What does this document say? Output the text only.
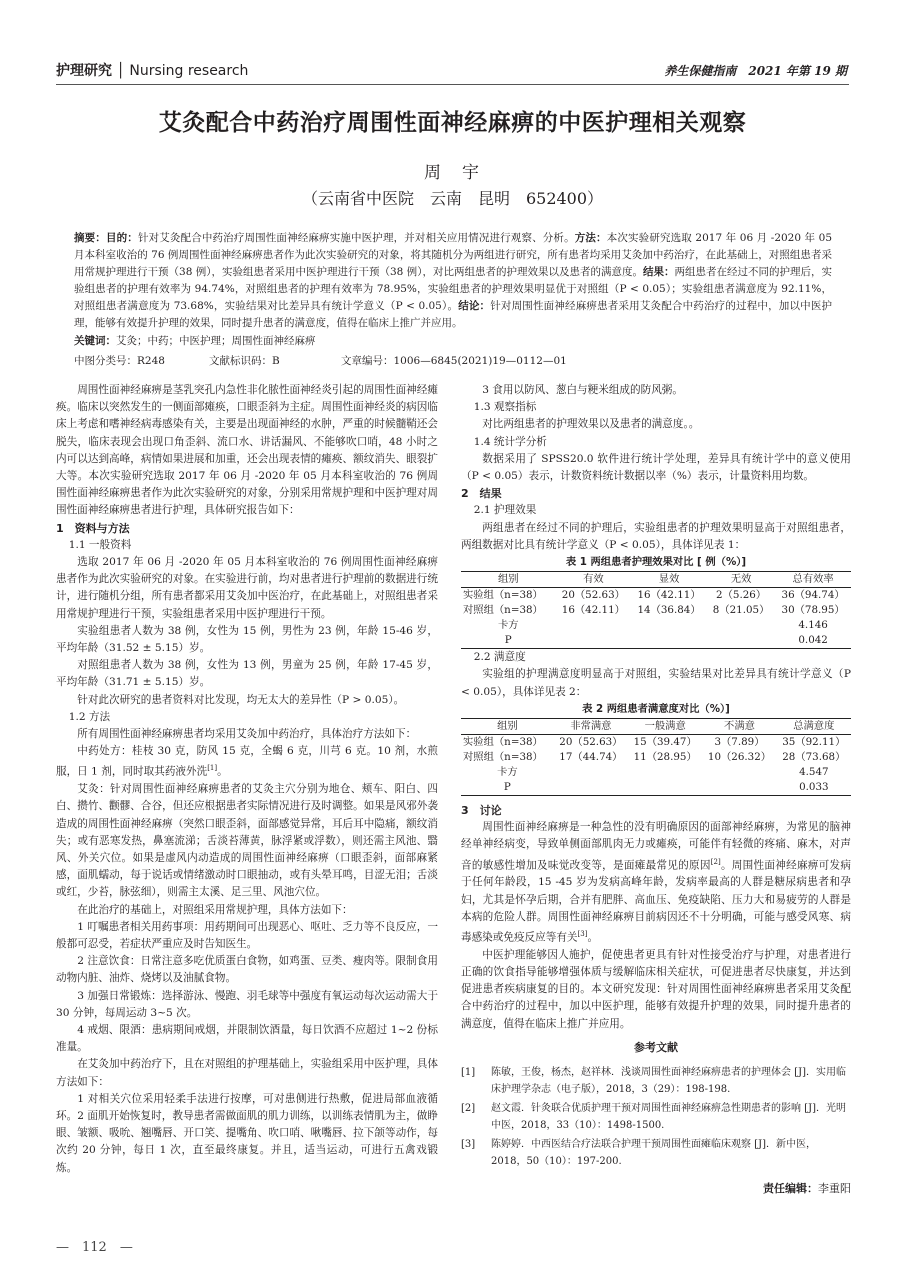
护理研究 │ Nursing research	养生保健指南　2021 年第 19 期
艾灸配合中药治疗周围性面神经麻痹的中医护理相关观察
周　宇
（云南省中医院　云南　昆明　652400）
摘要：目的：针对艾灸配合中药治疗周围性面神经麻痹实施中医护理，并对相关应用情况进行观察、分析。方法：本次实验研究选取 2017 年 06 月 -2020 年 05 月本科室收治的 76 例周围性面神经麻痹患者作为此次实验研究的对象，将其随机分为两组进行研究，所有患者均采用艾灸加中药治疗，在此基础上，对照组患者采用常规护理进行干预（38 例），实验组患者采用中医护理进行干预（38 例），对比两组患者的护理效果以及患者的满意度。结果：两组患者在经过不同的护理后，实验组患者的护理有效率为 94.74%，对照组患者的护理有效率为 78.95%，实验组患者的护理效果明显优于对照组（P < 0.05）；实验组患者满意度为 92.11%，对照组患者满意度为 73.68%，实验结果对比差异具有统计学意义（P < 0.05）。结论：针对周围性面神经麻痹患者采用艾灸配合中药治疗的过程中，加以中医护理，能够有效提升护理的效果，同时提升患者的满意度，值得在临床上推广并应用。
关键词：艾灸；中药；中医护理；周围性面神经麻痹
中图分类号：R248	文献标识码：B	文章编号：1006—6845(2021)19—0112—01

周围性面神经麻痹是茎乳突孔内急性非化脓性面神经炎引起的周围性面神经瘫痪。临床以突然发生的一侧面部瘫痪，口眼歪斜为主症。周围性面神经炎的病因临床上考虑和嗜神经病毒感染有关，主要是出现面神经的水肿，严重的时候髓鞘还会脱失，临床表现会出现口角歪斜、流口水、讲话漏风、不能够吹口哨，48 小时之内可以达到高峰，病情如果进展和加重，还会出现表情的瘫痪、额纹消失、眼裂扩大等。本次实验研究选取 2017 年 06 月 -2020 年 05 月本科室收治的 76 例周围性面神经麻痹患者作为此次实验研究的对象，分别采用常规护理和中医护理对周围性面神经麻痹患者进行护理，具体研究报告如下：

1　资料与方法
1.1 一般资料

选取 2017 年 06 月 -2020 年 05 月本科室收治的 76 例周围性面神经麻痹患者作为此次实验研究的对象。在实验进行前，均对患者进行护理前的数据进行统计，进行随机分组，所有患者都采用艾灸加中医治疗，在此基础上，对照组患者采用常规护理进行干预，实验组患者采用中医护理进行干预。

实验组患者人数为 38 例，女性为 15 例，男性为 23 例，年龄 15-46 岁，平均年龄（31.52 ± 5.15）岁。

对照组患者人数为 38 例，女性为 13 例，男童为 25 例，年龄 17-45 岁，平均年龄（31.71 ± 5.15）岁。

针对此次研究的患者资料对比发现，均无太大的差异性（P > 0.05）。

1.2 方法

所有周围性面神经麻痹患者均采用艾灸加中药治疗，具体治疗方法如下：

中药处方：桂枝 30 克，防风 15 克，全蝎 6 克，川芎 6 克。10 剂，水煎服，日 1 剂，同时取其药液外洗[1]。

艾灸：针对周围性面神经麻痹患者的艾灸主穴分别为地仓、颊车、阳白、四白、攒竹、颧髎、合谷，但还应根据患者实际情况进行及时调整。如果是风邪外袭造成的周围性面神经麻痹（突然口眼歪斜，面部感觉异常，耳后耳中隐痛，额纹消失；或有恶寒发热，鼻塞流涕；舌淡苔薄黄，脉浮紧或浮数），则还需主风池、翳风、外关穴位。如果是虚风内动造成的周围性面神经麻痹（口眼歪斜，面部麻紧感，面肌蠕动，每于说话或情绪激动时口眼抽动，或有头晕耳鸣，目涩无泪；舌淡或红，少苔，脉弦细），则需主太溪、足三里、风池穴位。

在此治疗的基础上，对照组采用常规护理，具体方法如下：

1 叮嘱患者相关用药事项：用药期间可出现恶心、呕吐、乏力等不良反应，一般都可忍受，若症状严重应及时告知医生。

2 注意饮食：日常注意多吃优质蛋白食物，如鸡蛋、豆类、瘦肉等。限制食用动物内脏、油炸、烧烤以及油腻食物。

3 加强日常锻炼：选择游泳、慢跑、羽毛球等中强度有氧运动每次运动需大于 30 分钟，每周运动 3~5 次。

4 戒烟、限酒：患病期间戒烟，并限制饮酒量，每日饮酒不应超过 1~2 份标准量。

在艾灸加中药治疗下，且在对照组的护理基础上，实验组采用中医护理，具体方法如下：

1 对相关穴位采用轻柔手法进行按摩，可对患侧进行热敷，促进局部血液循环。2 面肌开始恢复时，教导患者需做面肌的肌力训练，以训练表情肌为主，做睁眼、皱额、吸吮、翘嘴唇、开口笑、提嘴角、吹口哨、啾嘴唇、拉下颌等动作，每次约 20 分钟，每日 1 次，直至最终康复。并且，适当运动，可进行五禽戏锻炼。

3 食用以防风、葱白与粳米组成的防风粥。

1.3 观察指标

对比两组患者的护理效果以及患者的满意度。。

1.4 统计学分析

数据采用了 SPSS20.0 软件进行统计学处理，差异具有统计学中的意义使用（P < 0.05）表示，计数资料统计数据以率（%）表示，计量资料用均数。

2　结果
2.1 护理效果

两组患者在经过不同的护理后，实验组患者的护理效果明显高于对照组患者，两组数据对比具有统计学意义（P < 0.05），具体详见表 1：

表 1 两组患者护理效果对比 [ 例（%）]
组别	有效	显效	无效	总有效率
实验组（n=38）	20（52.63）	16（42.11）	2（5.26）	36（94.74）
对照组（n=38）	16（42.11）	14（36.84）	8（21.05）	30（78.95）
卡方				4.146
P				0.042
2.2 满意度

实验组的护理满意度明显高于对照组，实验结果对比差异具有统计学意义（P < 0.05），具体详见表 2：

表 2 两组患者满意度对比（%）]
组别	非常满意	一般满意	不满意	总满意度
实验组（n=38）	20（52.63）	15（39.47）	3（7.89）	35（92.11）
对照组（n=38）	17（44.74）	11（28.95）	10（26.32）	28（73.68）
卡方				4.547
P				0.033
3　讨论

周围性面神经麻痹是一种急性的没有明确原因的面部神经麻痹，为常见的脑神经单神经病变，导致单侧面部肌肉无力或瘫痪，可能伴有轻微的疼痛、麻木，对声音的敏感性增加及味觉改变等，是面瘫最常见的原因[2]。周围性面神经麻痹可发病于任何年龄段，15 -45 岁为发病高峰年龄，发病率最高的人群是糖尿病患者和孕妇，尤其是怀孕后期，合并有肥胖、高血压、免疫缺陷、压力大和易疲劳的人群是本病的危险人群。周围性面神经麻痹目前病因还不十分明确，可能与感受风寒、病毒感染或免疫反应等有关[3]。

中医护理能够因人施护，促使患者更具有针对性接受治疗与护理，对患者进行正确的饮食指导能够增强体质与缓解临床相关症状，可促进患者尽快康复，并达到促进患者疾病康复的目的。本文研究发现：针对周围性面神经麻痹患者采用艾灸配合中药治疗的过程中，加以中医护理，能够有效提升护理的效果，同时提升患者的满意度，值得在临床上推广并应用。

参考文献
[1]	陈敏，王俊，杨杰，赵祥林．浅谈周围性面神经麻痹患者的护理体会 [J]．实用临床护理学杂志（电子版），2018，3（29）：198-198.
[2]	赵文霞．针灸联合优质护理干预对周围性面神经麻痹急性期患者的影响 [J]．光明中医，2018，33（10）：1498-1500.
[3]	陈婷婷．中西医结合疗法联合护理干预周围性面瘫临床观察 [J]．新中医，2018，50（10）：197-200.
责任编辑：李重阳
—　112　—
